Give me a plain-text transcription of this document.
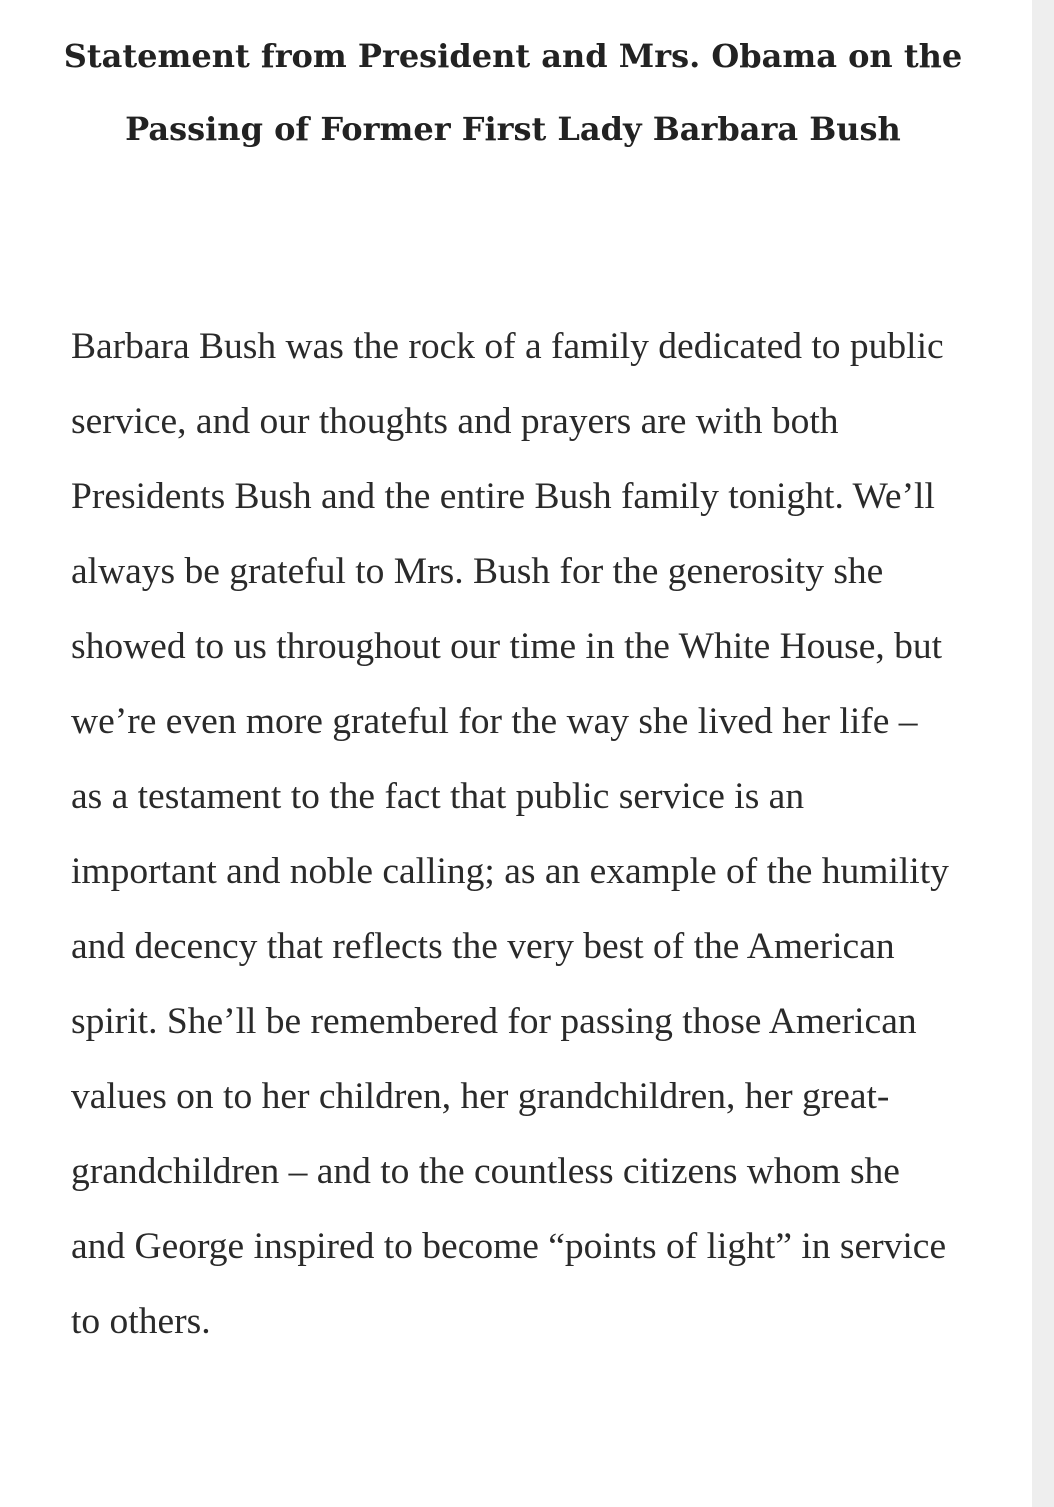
Statement from President and Mrs. Obama on the Passing of Former First Lady Barbara Bush

Barbara Bush was the rock of a family dedicated to public service, and our thoughts and prayers are with both Presidents Bush and the entire Bush family tonight. We’ll always be grateful to Mrs. Bush for the generosity she showed to us throughout our time in the White House, but we’re even more grateful for the way she lived her life – as a testament to the fact that public service is an important and noble calling; as an example of the humility and decency that reflects the very best of the American spirit. She’ll be remembered for passing those American values on to her children, her grandchildren, her great-grandchildren – and to the countless citizens whom she and George inspired to become “points of light” in service to others.
